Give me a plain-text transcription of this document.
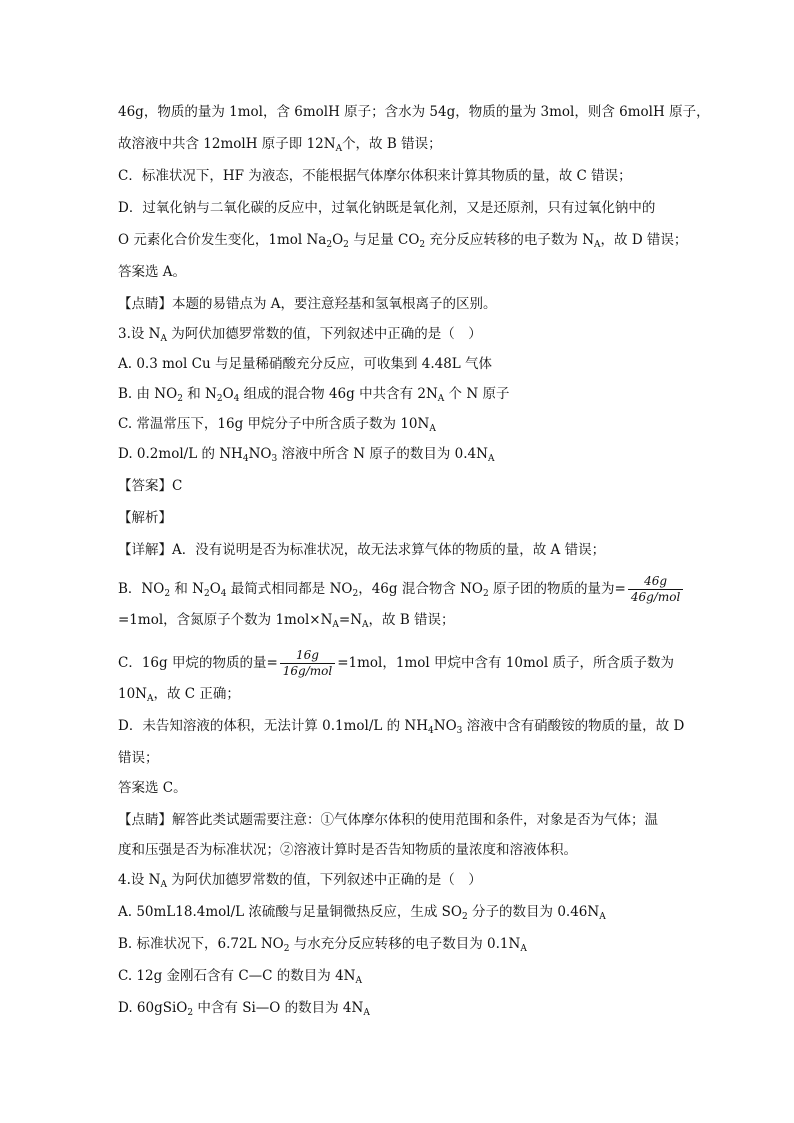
46g，物质的量为 1mol，含 6molH 原子；含水为 54g，物质的量为 3mol，则含 6molH 原子，
故溶液中共含 12molH 原子即 $12N_A$个，故 B 错误；
C．标准状况下，HF 为液态，不能根据气体摩尔体积来计算其物质的量，故 C 错误；
D．过氧化钠与二氧化碳的反应中，过氧化钠既是氧化剂，又是还原剂，只有过氧化钠中的
O 元素化合价发生变化，1mol $Na_2O_2$ 与足量 $CO_2$ 充分反应转移的电子数为 $N_A$，故 D 错误；
答案选 A。
【点睛】本题的易错点为 A，要注意羟基和氢氧根离子的区别。
3.设 $N_A$ 为阿伏加德罗常数的值，下列叙述中正确的是（　）
A. 0.3 mol Cu 与足量稀硝酸充分反应，可收集到 4.48L 气体
B. 由 $NO_2$ 和 $N_2O_4$ 组成的混合物 46g 中共含有 $2N_A$ 个 N 原子
C. 常温常压下，16g 甲烷分子中所含质子数为 $10N_A$
D. 0.2mol/L 的 $NH_4NO_3$ 溶液中所含 N 原子的数目为 $0.4N_A$
【答案】C
【解析】
【详解】A．没有说明是否为标准状况，故无法求算气体的物质的量，故 A 错误；
B．$NO_2$ 和 $N_2O_4$ 最简式相同都是 $NO_2$，46g 混合物含 $NO_2$ 原子团的物质的量为= $\frac{46g}{\text{46g/mol}}$
=1mol，含氮原子个数为 $1mol\times N_A=N_A$，故 B 错误；
C．16g 甲烷的物质的量= $\frac{16g}{\text{16g/mol}} =1mol$，1mol 甲烷中含有 10mol 质子，所含质子数为
$10N_A$，故 C 正确；
D．未告知溶液的体积，无法计算 0.1mol/L 的 $NH_4NO_3$ 溶液中含有硝酸铵的物质的量，故 D
错误；
答案选 C。
【点睛】解答此类试题需要注意：①气体摩尔体积的使用范围和条件，对象是否为气体；温
度和压强是否为标准状况；②溶液计算时是否告知物质的量浓度和溶液体积。
4.设 $N_A$ 为阿伏加德罗常数的值，下列叙述中正确的是（　）
A. 50mL18.4mol/L 浓硫酸与足量铜微热反应，生成 $SO_2$ 分子的数目为 $0.46N_A$
B. 标准状况下，6.72L $NO_2$ 与水充分反应转移的电子数目为 $0.1N_A$
C. 12g 金刚石含有 C—C 的数目为 $4N_A$
D. 60gSiO$_2$ 中含有 Si—O 的数目为 $4N_A$
